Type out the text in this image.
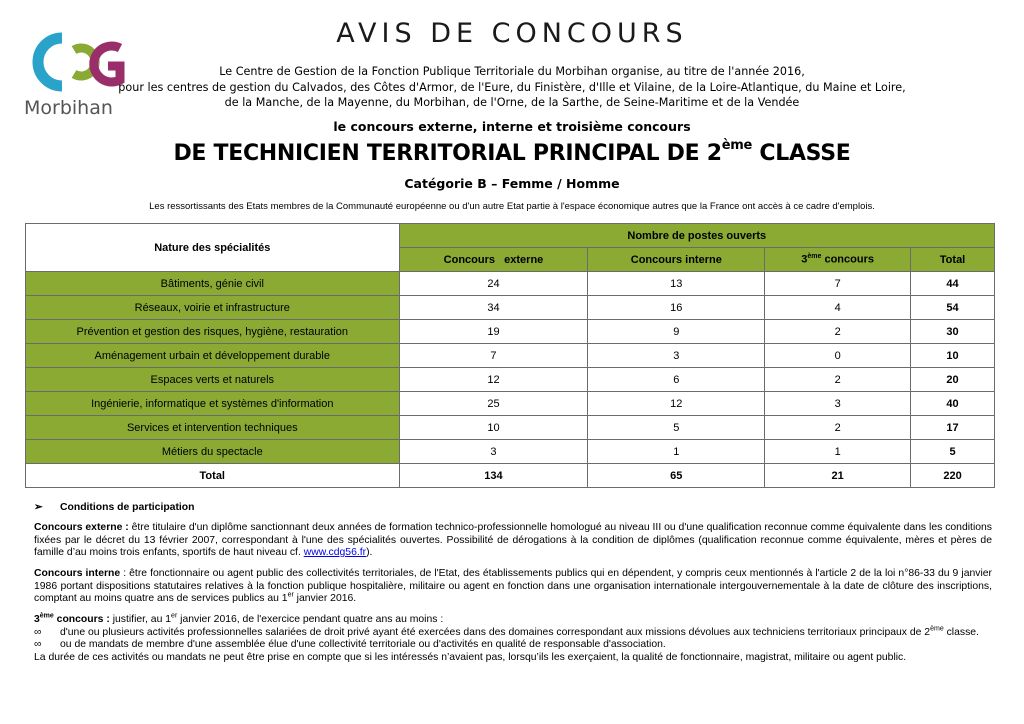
Morbihan
AVIS DE CONCOURS
Le Centre de Gestion de la Fonction Publique Territoriale du Morbihan organise, au titre de l'année 2016,
pour les centres de gestion du Calvados, des Côtes d'Armor, de l'Eure, du Finistère, d'Ille et Vilaine, de la Loire-Atlantique, du Maine et Loire,
de la Manche, de la Mayenne, du Morbihan, de l'Orne, de la Sarthe, de Seine-Maritime et de la Vendée
le concours externe, interne et troisième concours
DE TECHNICIEN TERRITORIAL PRINCIPAL DE 2ème CLASSE
Catégorie B – Femme / Homme
Les ressortissants des Etats membres de la Communauté européenne ou d'un autre Etat partie à l'espace économique autres que la France ont accès à ce cadre d'emplois.
Nature des spécialités	Nombre de postes ouverts			
	Concours   externe	Concours interne	3ème concours	Total
Bâtiments, génie civil	24	13	7	44
Réseaux, voirie et infrastructure	34	16	4	54
Prévention et gestion des risques, hygiène, restauration	19	9	2	30
Aménagement urbain et développement durable	7	3	0	10
Espaces verts et naturels	12	6	2	20
Ingénierie, informatique et systèmes d'information	25	12	3	40
Services et intervention techniques	10	5	2	17
Métiers du spectacle	3	1	1	5
Total	134	65	21	220
➢ Conditions de participation
Concours externe : être titulaire d'un diplôme sanctionnant deux années de formation technico-professionnelle homologué au niveau III ou d'une qualification reconnue comme équivalente dans les conditions fixées par le décret du 13 février 2007, correspondant à l'une des spécialités ouvertes. Possibilité de dérogations à la condition de diplômes (qualification reconnue comme équivalente, mères et pères de famille d’au moins trois enfants, sportifs de haut niveau cf. www.cdg56.fr).
Concours interne : être fonctionnaire ou agent public des collectivités territoriales, de l'Etat, des établissements publics qui en dépendent, y compris ceux mentionnés à l'article 2 de la loi n°86-33 du 9 janvier 1986 portant dispositions statutaires relatives à la fonction publique hospitalière, militaire ou agent en fonction dans une organisation internationale intergouvernementale à la date de clôture des inscriptions, comptant au moins quatre ans de services publics au 1er janvier 2016.
3ème concours : justifier, au 1er janvier 2016, de l'exercice pendant quatre ans au moins :
∞	d'une ou plusieurs activités professionnelles salariées de droit privé ayant été exercées dans des domaines correspondant aux missions dévolues aux techniciens territoriaux principaux de 2ème classe.
∞	ou de mandats de membre d'une assemblée élue d'une collectivité territoriale ou d'activités en qualité de responsable d'association.
La durée de ces activités ou mandats ne peut être prise en compte que si les intéressés n’avaient pas, lorsqu’ils les exerçaient, la qualité de fonctionnaire, magistrat, militaire ou agent public.
